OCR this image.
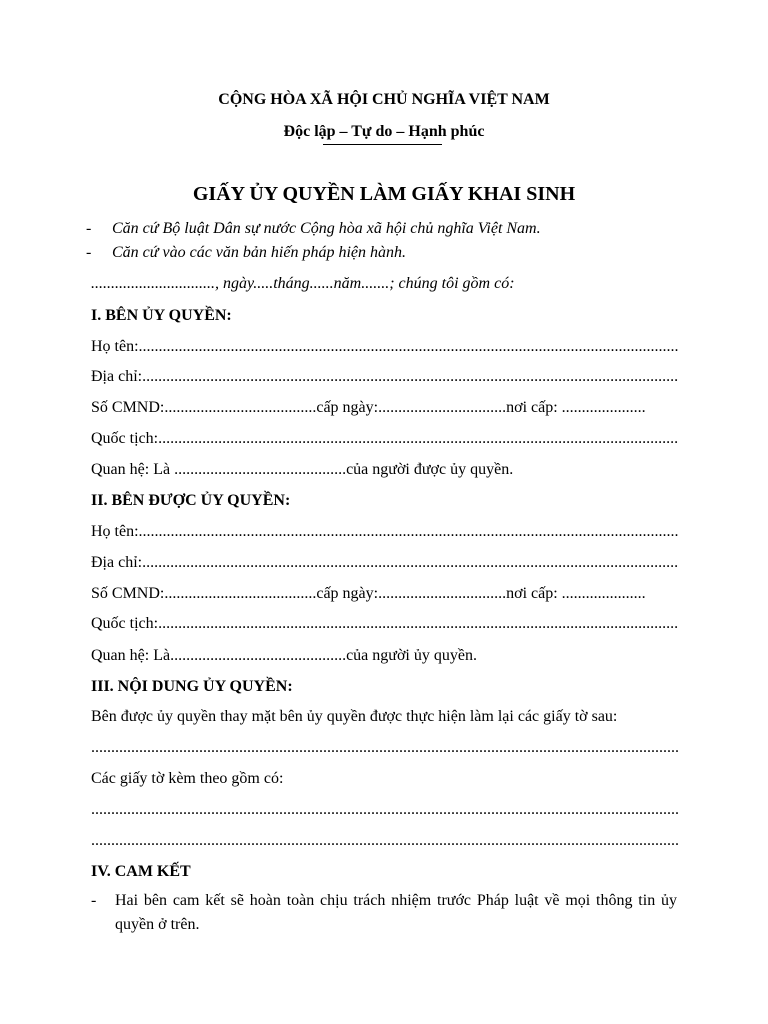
CỘNG HÒA XÃ HỘI CHỦ NGHĨA VIỆT NAM
Độc lập – Tự do – Hạnh phúc
GIẤY ỦY QUYỀN LÀM GIẤY KHAI SINH
- Căn cứ Bộ luật Dân sự nước Cộng hòa xã hội chủ nghĩa Việt Nam.
- Căn cứ vào các văn bản hiến pháp hiện hành.
..............................., ngày.....tháng......năm.......; chúng tôi gồm có:
I. BÊN ỦY QUYỀN:
Họ tên:
.....
Địa chỉ:
.....
Số CMND:......................................cấp ngày:................................nơi cấp: .....................
Quốc tịch:
.....
Quan hệ: Là ...........................................của người được ủy quyền.
II. BÊN ĐƯỢC ỦY QUYỀN:
Họ tên:
.....
Địa chỉ:
.....
Số CMND:......................................cấp ngày:................................nơi cấp: .....................
Quốc tịch:
.....
Quan hệ: Là............................................của người ủy quyền.
III. NỘI DUNG ỦY QUYỀN:
Bên được ủy quyền thay mặt bên ủy quyền được thực hiện làm lại các giấy tờ sau:
.....
Các giấy tờ kèm theo gồm có:
.....
.....
IV. CAM KẾT
- Hai bên cam kết sẽ hoàn toàn chịu trách nhiệm trước Pháp luật về mọi thông tin ủy quyền ở trên.
